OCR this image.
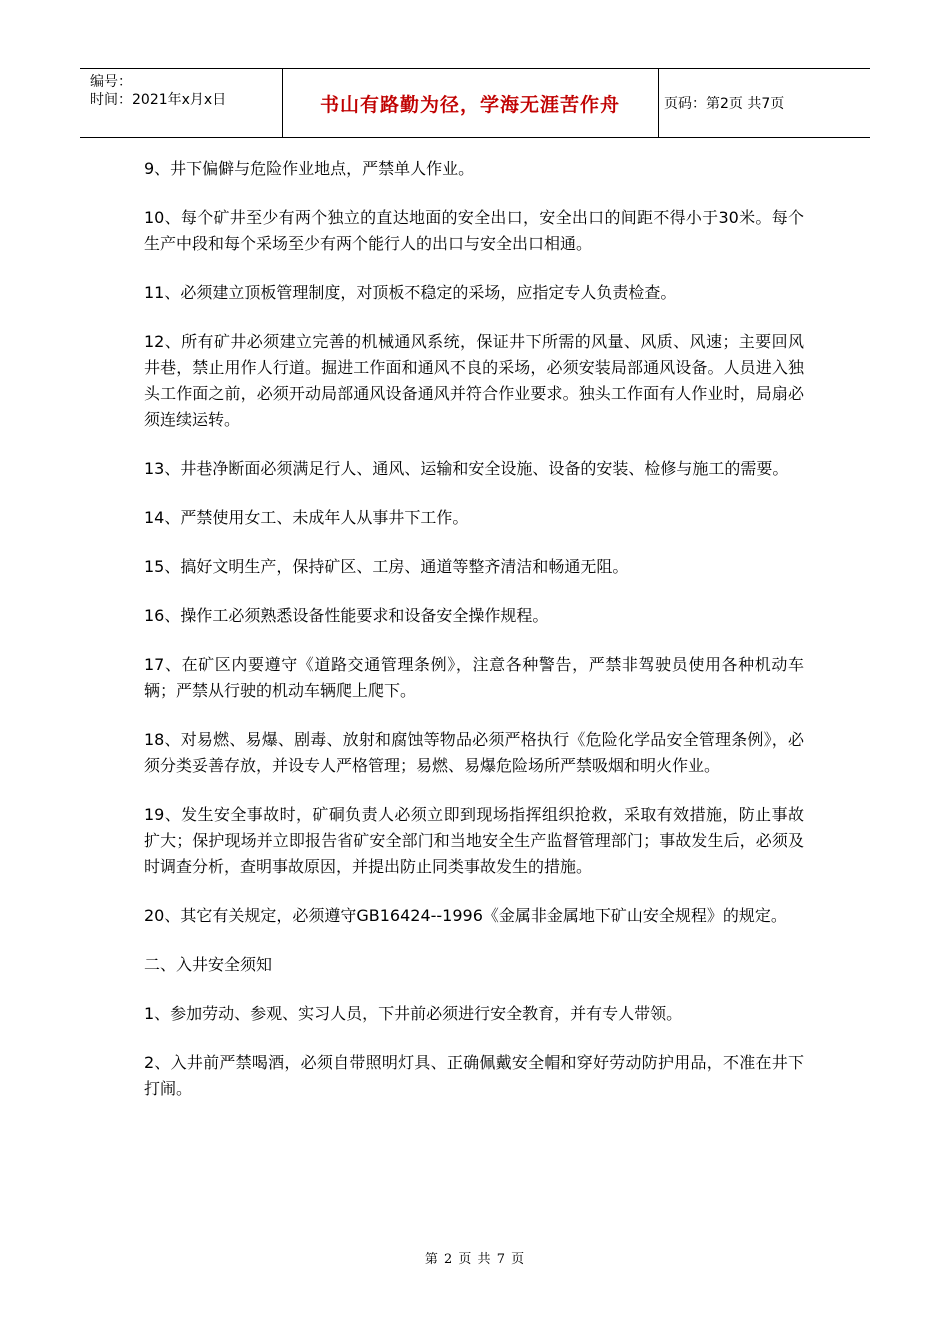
编号：
时间：2021年x月x日	书山有路勤为径，学海无涯苦作舟	页码：第2页 共7页

9、井下偏僻与危险作业地点，严禁单人作业。

10、每个矿井至少有两个独立的直达地面的安全出口，安全出口的间距不得小于30米。每个生产中段和每个采场至少有两个能行人的出口与安全出口相通。

11、必须建立顶板管理制度，对顶板不稳定的采场，应指定专人负责检查。

12、所有矿井必须建立完善的机械通风系统，保证井下所需的风量、风质、风速；主要回风井巷，禁止用作人行道。掘进工作面和通风不良的采场，必须安装局部通风设备。人员进入独头工作面之前，必须开动局部通风设备通风并符合作业要求。独头工作面有人作业时，局扇必须连续运转。

13、井巷净断面必须满足行人、通风、运输和安全设施、设备的安装、检修与施工的需要。

14、严禁使用女工、未成年人从事井下工作。

15、搞好文明生产，保持矿区、工房、通道等整齐清洁和畅通无阻。

16、操作工必须熟悉设备性能要求和设备安全操作规程。

17、在矿区内要遵守《道路交通管理条例》，注意各种警告，严禁非驾驶员使用各种机动车辆；严禁从行驶的机动车辆爬上爬下。

18、对易燃、易爆、剧毒、放射和腐蚀等物品必须严格执行《危险化学品安全管理条例》，必须分类妥善存放，并设专人严格管理；易燃、易爆危险场所严禁吸烟和明火作业。

19、发生安全事故时，矿硐负责人必须立即到现场指挥组织抢救，采取有效措施，防止事故扩大；保护现场并立即报告省矿安全部门和当地安全生产监督管理部门；事故发生后，必须及时调查分析，查明事故原因，并提出防止同类事故发生的措施。

20、其它有关规定，必须遵守GB16424--1996《金属非金属地下矿山安全规程》的规定。

二、入井安全须知

1、参加劳动、参观、实习人员，下井前必须进行安全教育，并有专人带领。

2、入井前严禁喝酒，必须自带照明灯具、正确佩戴安全帽和穿好劳动防护用品，不准在井下打闹。

第 2 页 共 7 页
